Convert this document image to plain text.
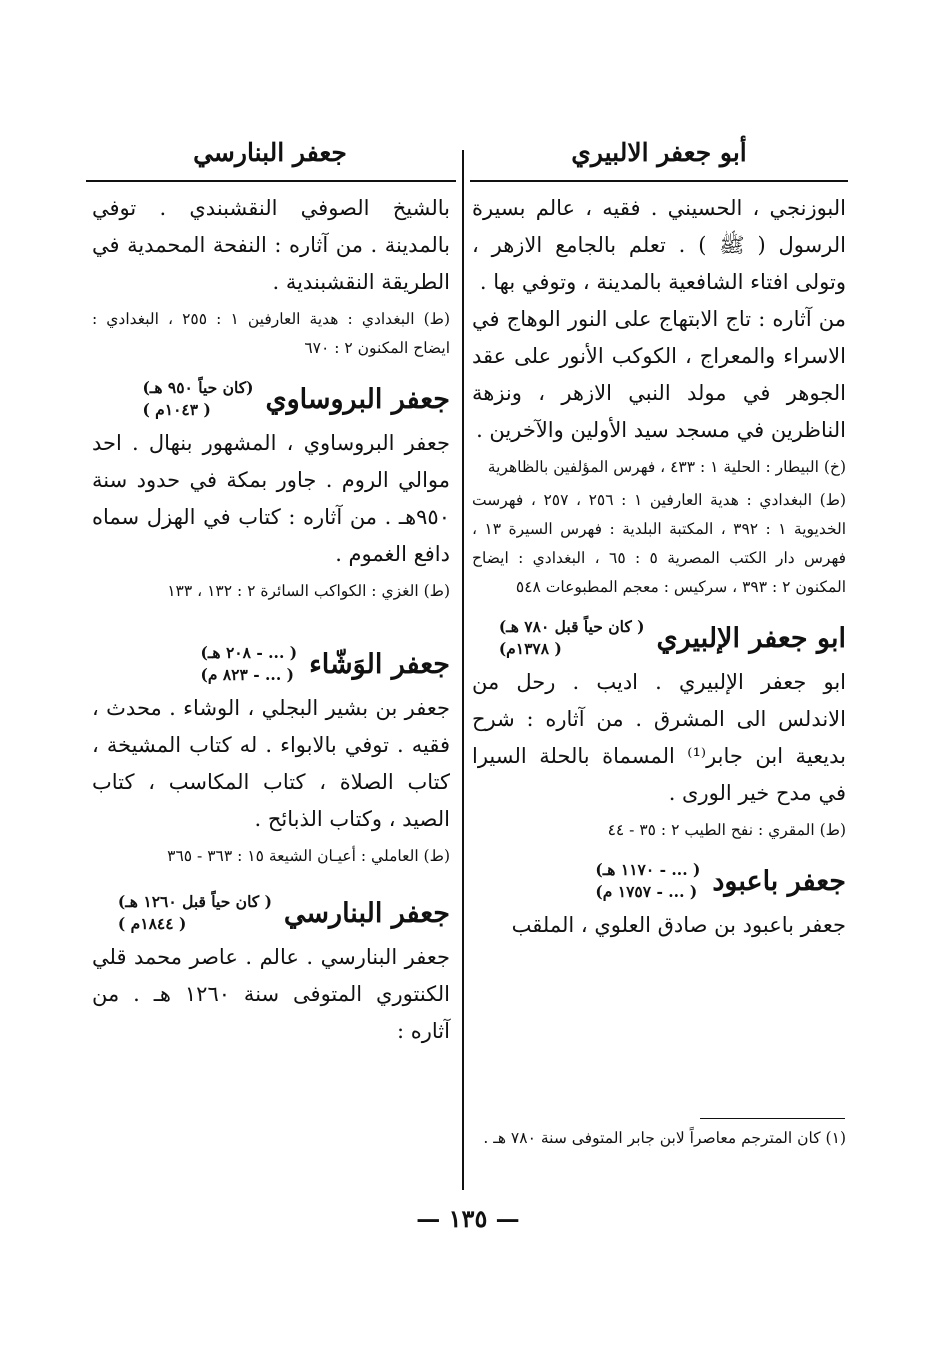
أبو جعفر الالبيري
جعفر البنارسي

البوزنجي ، الحسيني . فقيه ، عالم بسيرة الرسول ( ﷺ ) . تعلم بالجامع الازهر ، وتولى افتاء الشافعية بالمدينة ، وتوفي بها .

من آثاره : تاج الابتهاج على النور الوهاج في الاسراء والمعراج ، الكوكب الأنور على عقد الجوهر في مولد النبي الازهر ، ونزهة الناظرين في مسجد سيد الأولين والآخرين .

(خ) البيطار : الحلية ١ : ٤٣٣ ، فهرس المؤلفين بالظاهرية

(ط) البغدادي : هدية العارفين ١ : ٢٥٦ ، ٢٥٧ ، فهرست الخديوية ١ : ٣٩٢ ، المكتبة البلدية : فهرس السيرة ١٣ ، فهرس دار الكتب المصرية ٥ : ٦٥ ، البغدادي : ايضاح المكنون ٢ : ٣٩٣ ، سركيس : معجم المطبوعات ٥٤٨

ابو جعفر الإلبيري
( كان حياً قبل ٧٨٠ هـ)
( ١٣٧٨م)

ابو جعفر الإلبيري . اديب . رحل من الاندلس الى المشرق . من آثاره : شرح بديعية ابن جابر⁽¹⁾ المسماة بالحلة السيرا في مدح خير الورى .

(ط) المقري : نفح الطيب ٢ : ٣٥ - ٤٤

جعفر باعبود
( ... - ١١٧٠ هـ)
( ... - ١٧٥٧ م)

جعفر باعبود بن صادق العلوي ، الملقب

(١) كان المترجم معاصراً لابن جابر المتوفى سنة ٧٨٠ هـ .

بالشيخ الصوفي النقشبندي . توفي بالمدينة . من آثاره : النفحة المحمدية في الطريقة النقشبندية .

(ط) البغدادي : هدية العارفين ١ : ٢٥٥ ، البغدادي : ايضاح المكنون ٢ : ٦٧٠

جعفر البروساوي
(كان حياً ٩٥٠ هـ)
( ١٠٤٣م )

جعفر البروساوي ، المشهور بنهال . احد موالي الروم . جاور بمكة في حدود سنة ٩٥٠هـ . من آثاره : كتاب في الهزل سماه دافع الغموم .

(ط) الغزي : الكواكب السائرة ٢ : ١٣٢ ، ١٣٣

جعفر الوَشّاء
( ... - ٢٠٨ هـ)
( ... - ٨٢٣ م)

جعفر بن بشير البجلي ، الوشاء . محدث ، فقيه . توفي بالابواء . له كتاب المشيخة ، كتاب الصلاة ، كتاب المكاسب ، كتاب الصيد ، وكتاب الذبائح .

(ط) العاملي : أعيـان الشيعة ١٥ : ٣٦٣ - ٣٦٥

جعفر البنارسي
( كان حياً قبل ١٢٦٠ هـ)
( ١٨٤٤م )

جعفر البنارسي . عالم . عاصر محمد قلي الكنتوري المتوفى سنة ١٢٦٠ هـ . من آثاره :

— ١٣٥ —
